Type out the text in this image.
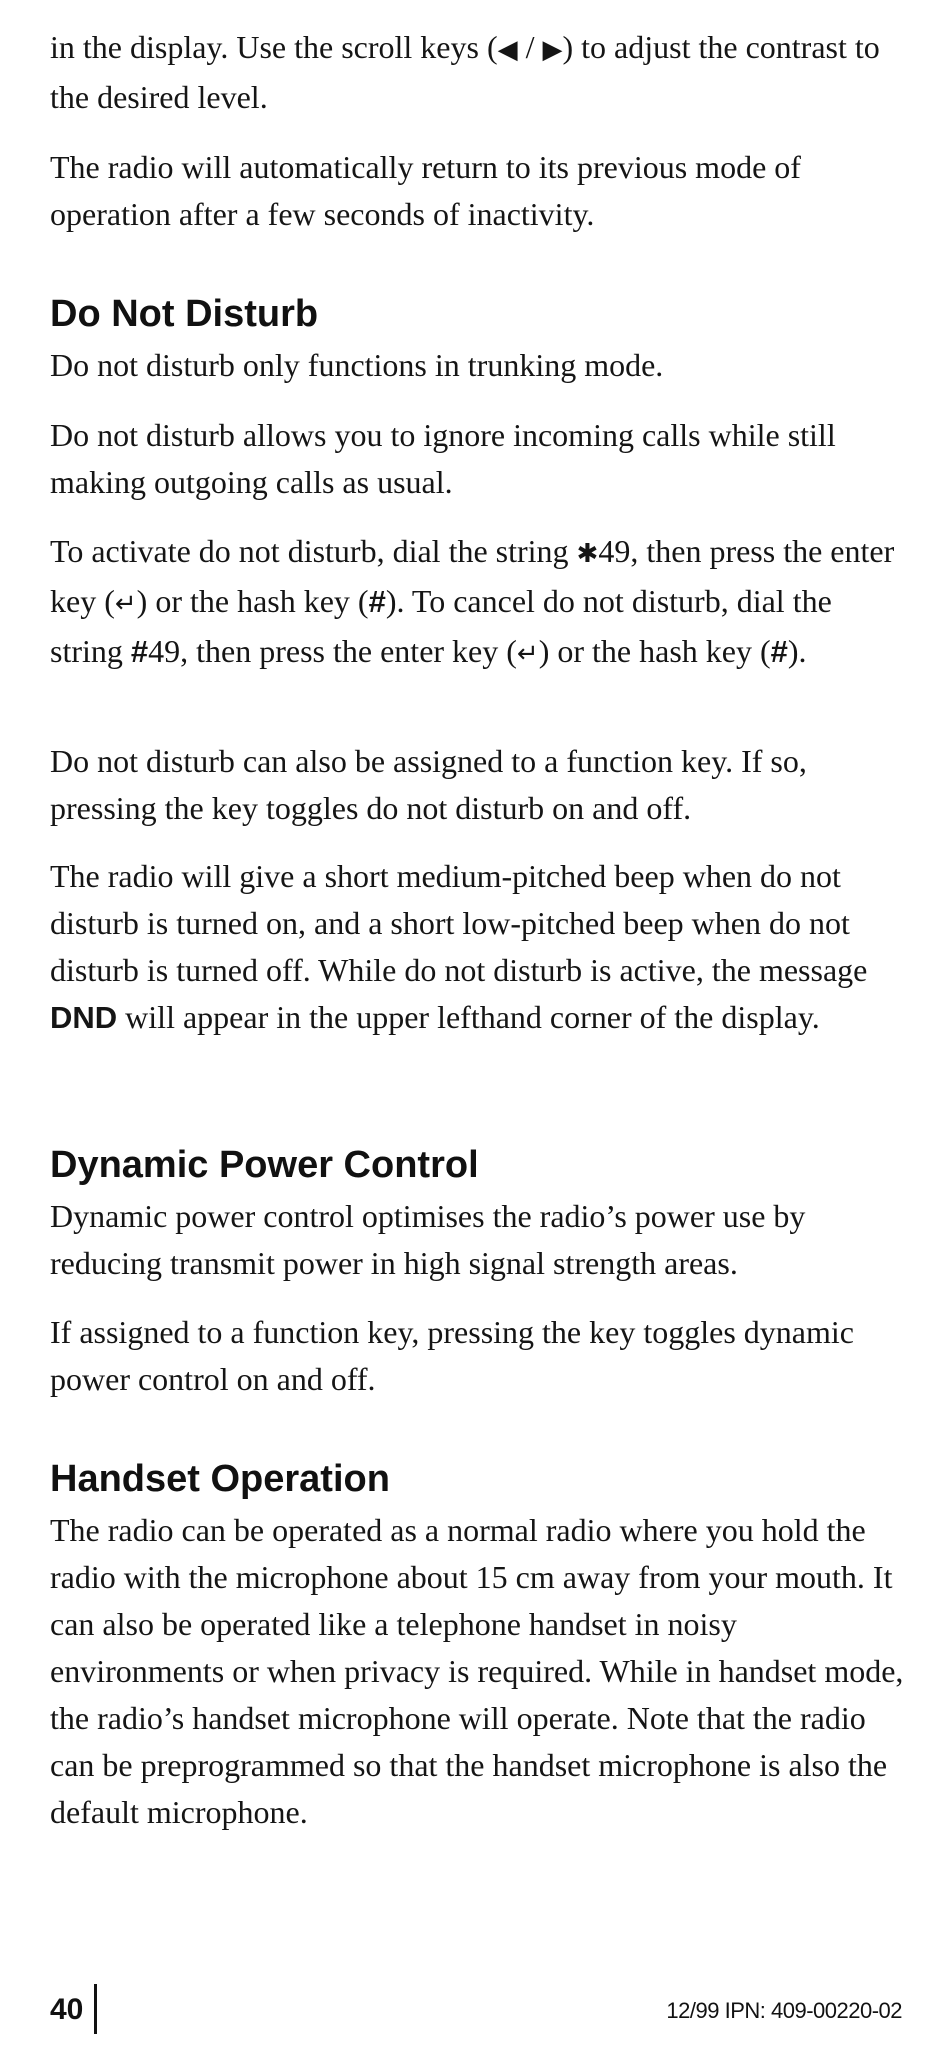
in the display. Use the scroll keys (◀ / ▶) to adjust the contrast to the desired level.

The radio will automatically return to its previous mode of operation after a few seconds of inactivity.

Do Not Disturb

Do not disturb only functions in trunking mode.

Do not disturb allows you to ignore incoming calls while still making outgoing calls as usual.

To activate do not disturb, dial the string ✱49, then press the enter key (↵) or the hash key (#). To cancel do not disturb, dial the string #49, then press the enter key (↵) or the hash key (#).

Do not disturb can also be assigned to a function key. If so, pressing the key toggles do not disturb on and off.

The radio will give a short medium-pitched beep when do not disturb is turned on, and a short low-pitched beep when do not disturb is turned off. While do not disturb is active, the message DND will appear in the upper lefthand corner of the display.

Dynamic Power Control

Dynamic power control optimises the radio’s power use by reducing transmit power in high signal strength areas.

If assigned to a function key, pressing the key toggles dynamic power control on and off.

Handset Operation

The radio can be operated as a normal radio where you hold the radio with the microphone about 15 cm away from your mouth. It can also be operated like a telephone handset in noisy environments or when privacy is required. While in handset mode, the radio’s handset microphone will operate. Note that the radio can be preprogrammed so that the handset microphone is also the default microphone.

40	12/99 IPN: 409-00220-02
